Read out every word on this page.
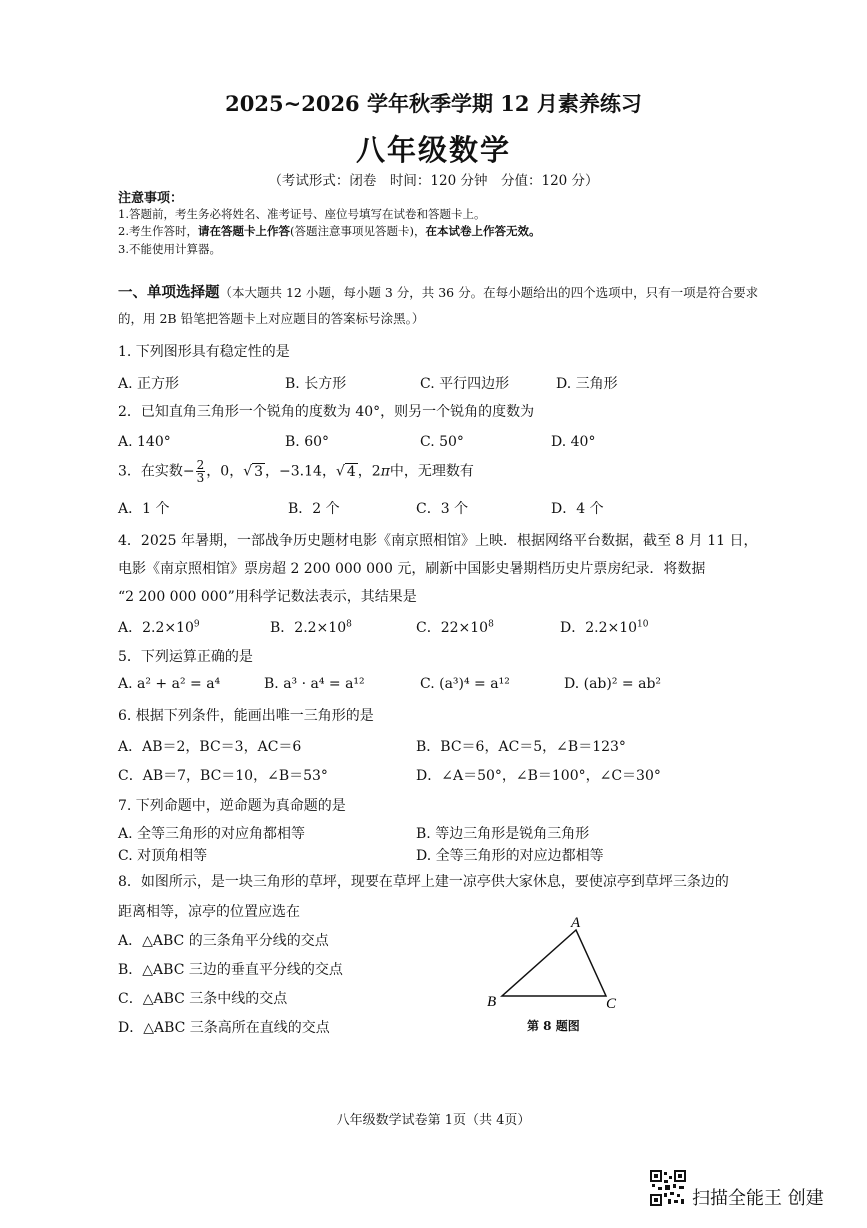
2025~2026 学年秋季学期 12 月素养练习
八年级数学
（考试形式：闭卷　时间：120 分钟　分值：120 分）
注意事项：
1.答题前，考生务必将姓名、准考证号、座位号填写在试卷和答题卡上。
2.考生作答时，请在答题卡上作答(答题注意事项见答题卡)，在本试卷上作答无效。
3.不能使用计算器。
一、单项选择题（本大题共 12 小题，每小题 3 分，共 36 分。在每小题给出的四个选项中，只有一项是符合要求
的，用 2B 铅笔把答题卡上对应题目的答案标号涂黑。）
1. 下列图形具有稳定性的是
A. 正方形	B. 长方形	C. 平行四边形	D. 三角形
2．已知直角三角形一个锐角的度数为 40°，则另一个锐角的度数为
A. 140°	B. 60°	C. 50°	D. 40°
3．在实数− $\frac{2}{3}$ ，0，√ 3 ，−3.14，√ 4 ，2π中，无理数有
A．1 个	B．2 个	C．3 个	D．4 个
4．2025 年暑期，一部战争历史题材电影《南京照相馆》上映．根据网络平台数据，截至 8 月 11 日，
电影《南京照相馆》票房超 2 200 000 000 元，刷新中国影史暑期档历史片票房纪录．将数据
“2 200 000 000”用科学记数法表示，其结果是
A．$2.2\times 10^9$	B．$2.2\times 10^8$	C．$22\times 10^8$	D．$2.2\times 10^{10}$
5．下列运算正确的是
A. a² + a² = a⁴	B. a³ · a⁴ = a¹²	C. (a³)⁴ = a¹²	D. (ab)² = ab²
6. 根据下列条件，能画出唯一三角形的是
A．AB＝2，BC＝3，AC＝6	B．BC＝6，AC＝5，∠B＝123°
C．AB＝7，BC＝10，∠B＝53°	D．∠A＝50°，∠B＝100°，∠C＝30°
7. 下列命题中，逆命题为真命题的是
A. 全等三角形的对应角都相等	B. 等边三角形是锐角三角形
C. 对顶角相等	D. 全等三角形的对应边都相等
8．如图所示，是一块三角形的草坪，现要在草坪上建一凉亭供大家休息，要使凉亭到草坪三条边的
距离相等，凉亭的位置应选在
A．△ABC 的三条角平分线的交点
B．△ABC 三边的垂直平分线的交点
C．△ABC 三条中线的交点
D．△ABC 三条高所在直线的交点
A
B	C
第 8 题图
八年级数学试卷第 1页（共 4页）
扫描全能王 创建
